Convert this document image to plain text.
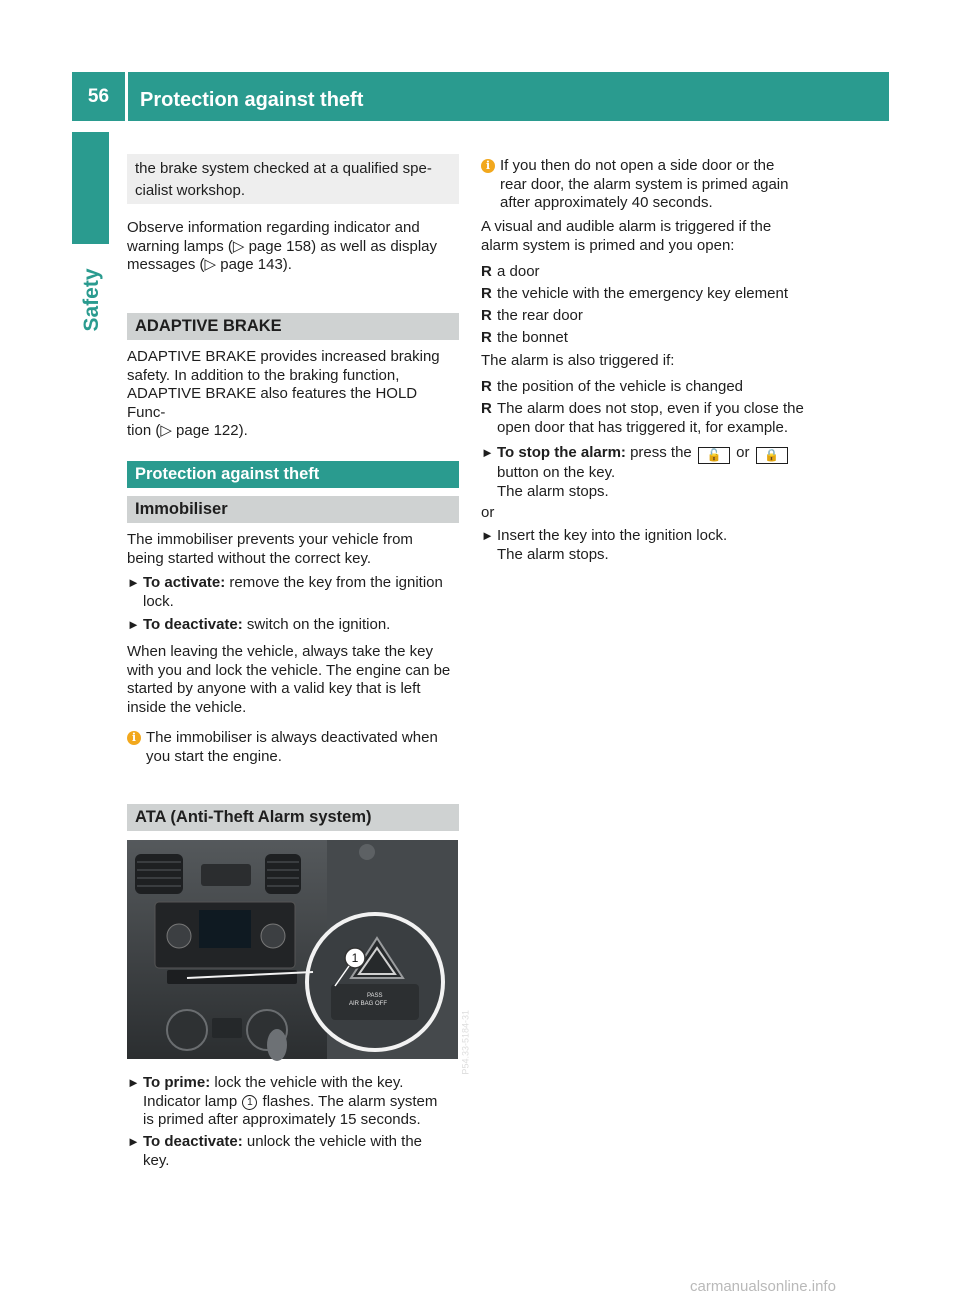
56	Protection against theft
Safety

the brake system checked at a qualified spe-
cialist workshop.

Observe information regarding indicator and
warning lamps (▷ page 158) as well as display
messages (▷ page 143).

ADAPTIVE BRAKE

ADAPTIVE BRAKE provides increased braking
safety. In addition to the braking function,
ADAPTIVE BRAKE also features the HOLD Func-
tion (▷ page 122).

Protection against theft
Immobiliser

The immobiliser prevents your vehicle from
being started without the correct key.

► To activate: remove the key from the ignition
lock.
► To deactivate: switch on the ignition.

When leaving the vehicle, always take the key
with you and lock the vehicle. The engine can be
started by anyone with a valid key that is left
inside the vehicle.

i The immobiliser is always deactivated when
you start the engine.
ATA (Anti-Theft Alarm system)
1
PASS
AIR BAG OFF
P54.33-5184-31
► To prime: lock the vehicle with the key.
Indicator lamp 1 flashes. The alarm system
is primed after approximately 15 seconds.
► To deactivate: unlock the vehicle with the
key.
i If you then do not open a side door or the
rear door, the alarm system is primed again
after approximately 40 seconds.

A visual and audible alarm is triggered if the
alarm system is primed and you open:

R a door
R the vehicle with the emergency key element
R the rear door
R the bonnet

The alarm is also triggered if:

R the position of the vehicle is changed
R The alarm does not stop, even if you close the
open door that has triggered it, for example.
► To stop the alarm: press the 🔓 or 🔒
button on the key.
The alarm stops.

or

► Insert the key into the ignition lock.
The alarm stops.
carmanualsonline.info
